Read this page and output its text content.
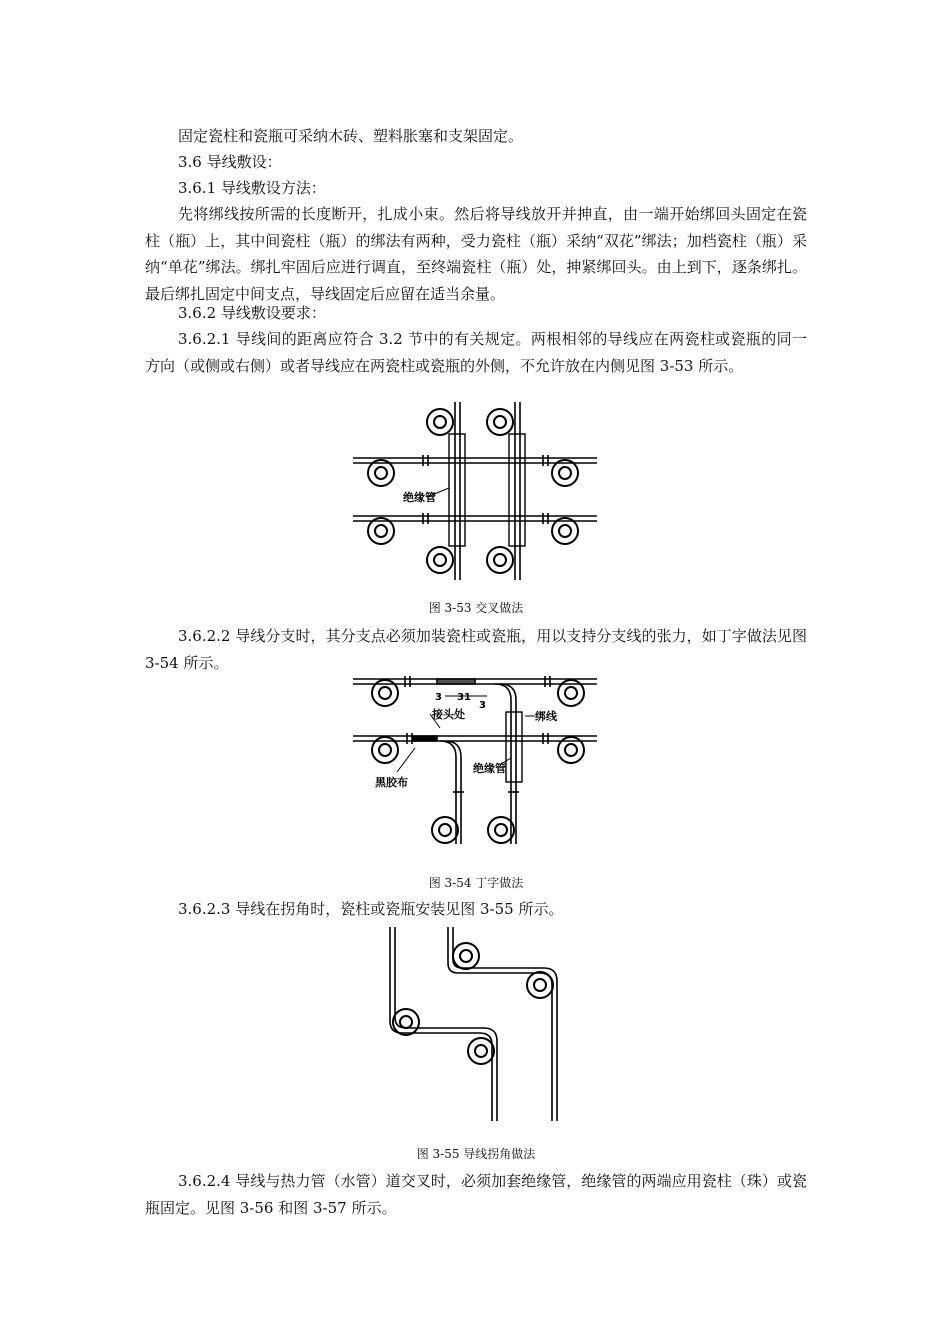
固定瓷柱和瓷瓶可采纳木砖、塑料胀塞和支架固定。

3.6 导线敷设：

3.6.1 导线敷设方法：

先将绑线按所需的长度断开，扎成小束。然后将导线放开并抻直，由一端开始绑回头固定在瓷柱（瓶）上，其中间瓷柱（瓶）的绑法有两种，受力瓷柱（瓶）采纳“双花”绑法；加档瓷柱（瓶）采纳“单花”绑法。绑扎牢固后应进行调直，至终端瓷柱（瓶）处，抻紧绑回头。由上到下，逐条绑扎。最后绑扎固定中间支点，导线固定后应留在适当余量。

3.6.2 导线敷设要求：

3.6.2.1 导线间的距离应符合 3.2 节中的有关规定。两根相邻的导线应在两瓷柱或瓷瓶的同一方向（或侧或右侧）或者导线应在两瓷柱或瓷瓶的外侧，不允许放在内侧见图 3-53 所示。

绝缘管
图 3-53 交叉做法

3.6.2.2 导线分支时，其分支点必须加装瓷柱或瓷瓶，用以支持分支线的张力，如丁字做法见图 3-54 所示。

3 31
3
接头处	绑线
绝缘管
黑胶布
图 3-54 丁字做法

3.6.2.3 导线在拐角时，瓷柱或瓷瓶安装见图 3-55 所示。

图 3-55 导线拐角做法

3.6.2.4 导线与热力管（水管）道交叉时，必须加套绝缘管，绝缘管的两端应用瓷柱（珠）或瓷瓶固定。见图 3-56 和图 3-57 所示。
